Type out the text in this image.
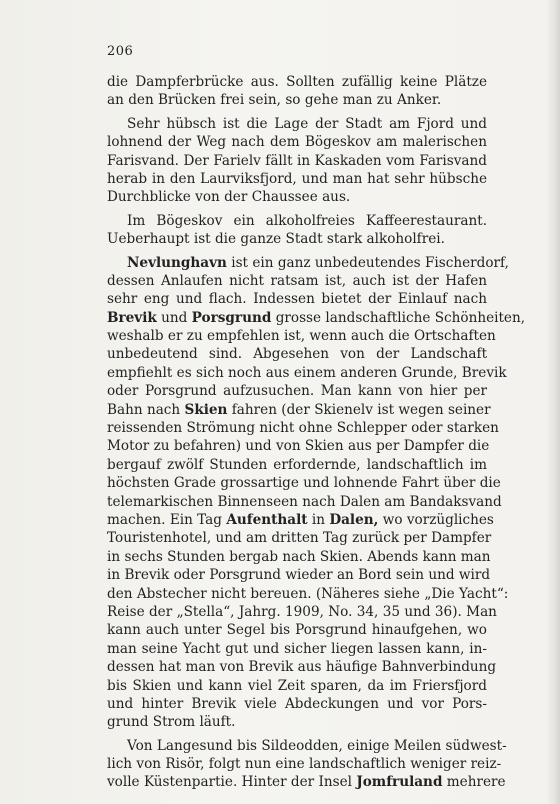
206
die Dampferbrücke aus. Sollten zufällig keine Plätze
an den Brücken frei sein, so gehe man zu Anker.
Sehr hübsch ist die Lage der Stadt am Fjord und
lohnend der Weg nach dem Bögeskov am malerischen
Farisvand. Der Farielv fällt in Kaskaden vom Farisvand
herab in den Laurviksfjord, und man hat sehr hübsche
Durchblicke von der Chaussee aus.
Im Bögeskov ein alkoholfreies Kaffeerestaurant.
Ueberhaupt ist die ganze Stadt stark alkoholfrei.
Nevlunghavn ist ein ganz unbedeutendes Fischerdorf,
dessen Anlaufen nicht ratsam ist, auch ist der Hafen
sehr eng und flach. Indessen bietet der Einlauf nach
Brevik und Porsgrund grosse landschaftliche Schönheiten,
weshalb er zu empfehlen ist, wenn auch die Ortschaften
unbedeutend sind. Abgesehen von der Landschaft
empfiehlt es sich noch aus einem anderen Grunde, Brevik
oder Porsgrund aufzusuchen. Man kann von hier per
Bahn nach Skien fahren (der Skienelv ist wegen seiner
reissenden Strömung nicht ohne Schlepper oder starken
Motor zu befahren) und von Skien aus per Dampfer die
bergauf zwölf Stunden erfordernde, landschaftlich im
höchsten Grade grossartige und lohnende Fahrt über die
telemarkischen Binnenseen nach Dalen am Bandaksvand
machen. Ein Tag Aufenthalt in Dalen, wo vorzügliches
Touristenhotel, und am dritten Tag zurück per Dampfer
in sechs Stunden bergab nach Skien. Abends kann man
in Brevik oder Porsgrund wieder an Bord sein und wird
den Abstecher nicht bereuen. (Näheres siehe „Die Yacht“:
Reise der „Stella“, Jahrg. 1909, No. 34, 35 und 36). Man
kann auch unter Segel bis Porsgrund hinaufgehen, wo
man seine Yacht gut und sicher liegen lassen kann, in-
dessen hat man von Brevik aus häufige Bahnverbindung
bis Skien und kann viel Zeit sparen, da im Friersfjord
und hinter Brevik viele Abdeckungen und vor Pors-
grund Strom läuft.
Von Langesund bis Sildeodden, einige Meilen südwest-
lich von Risör, folgt nun eine landschaftlich weniger reiz-
volle Küstenpartie. Hinter der Insel Jomfruland mehrere
